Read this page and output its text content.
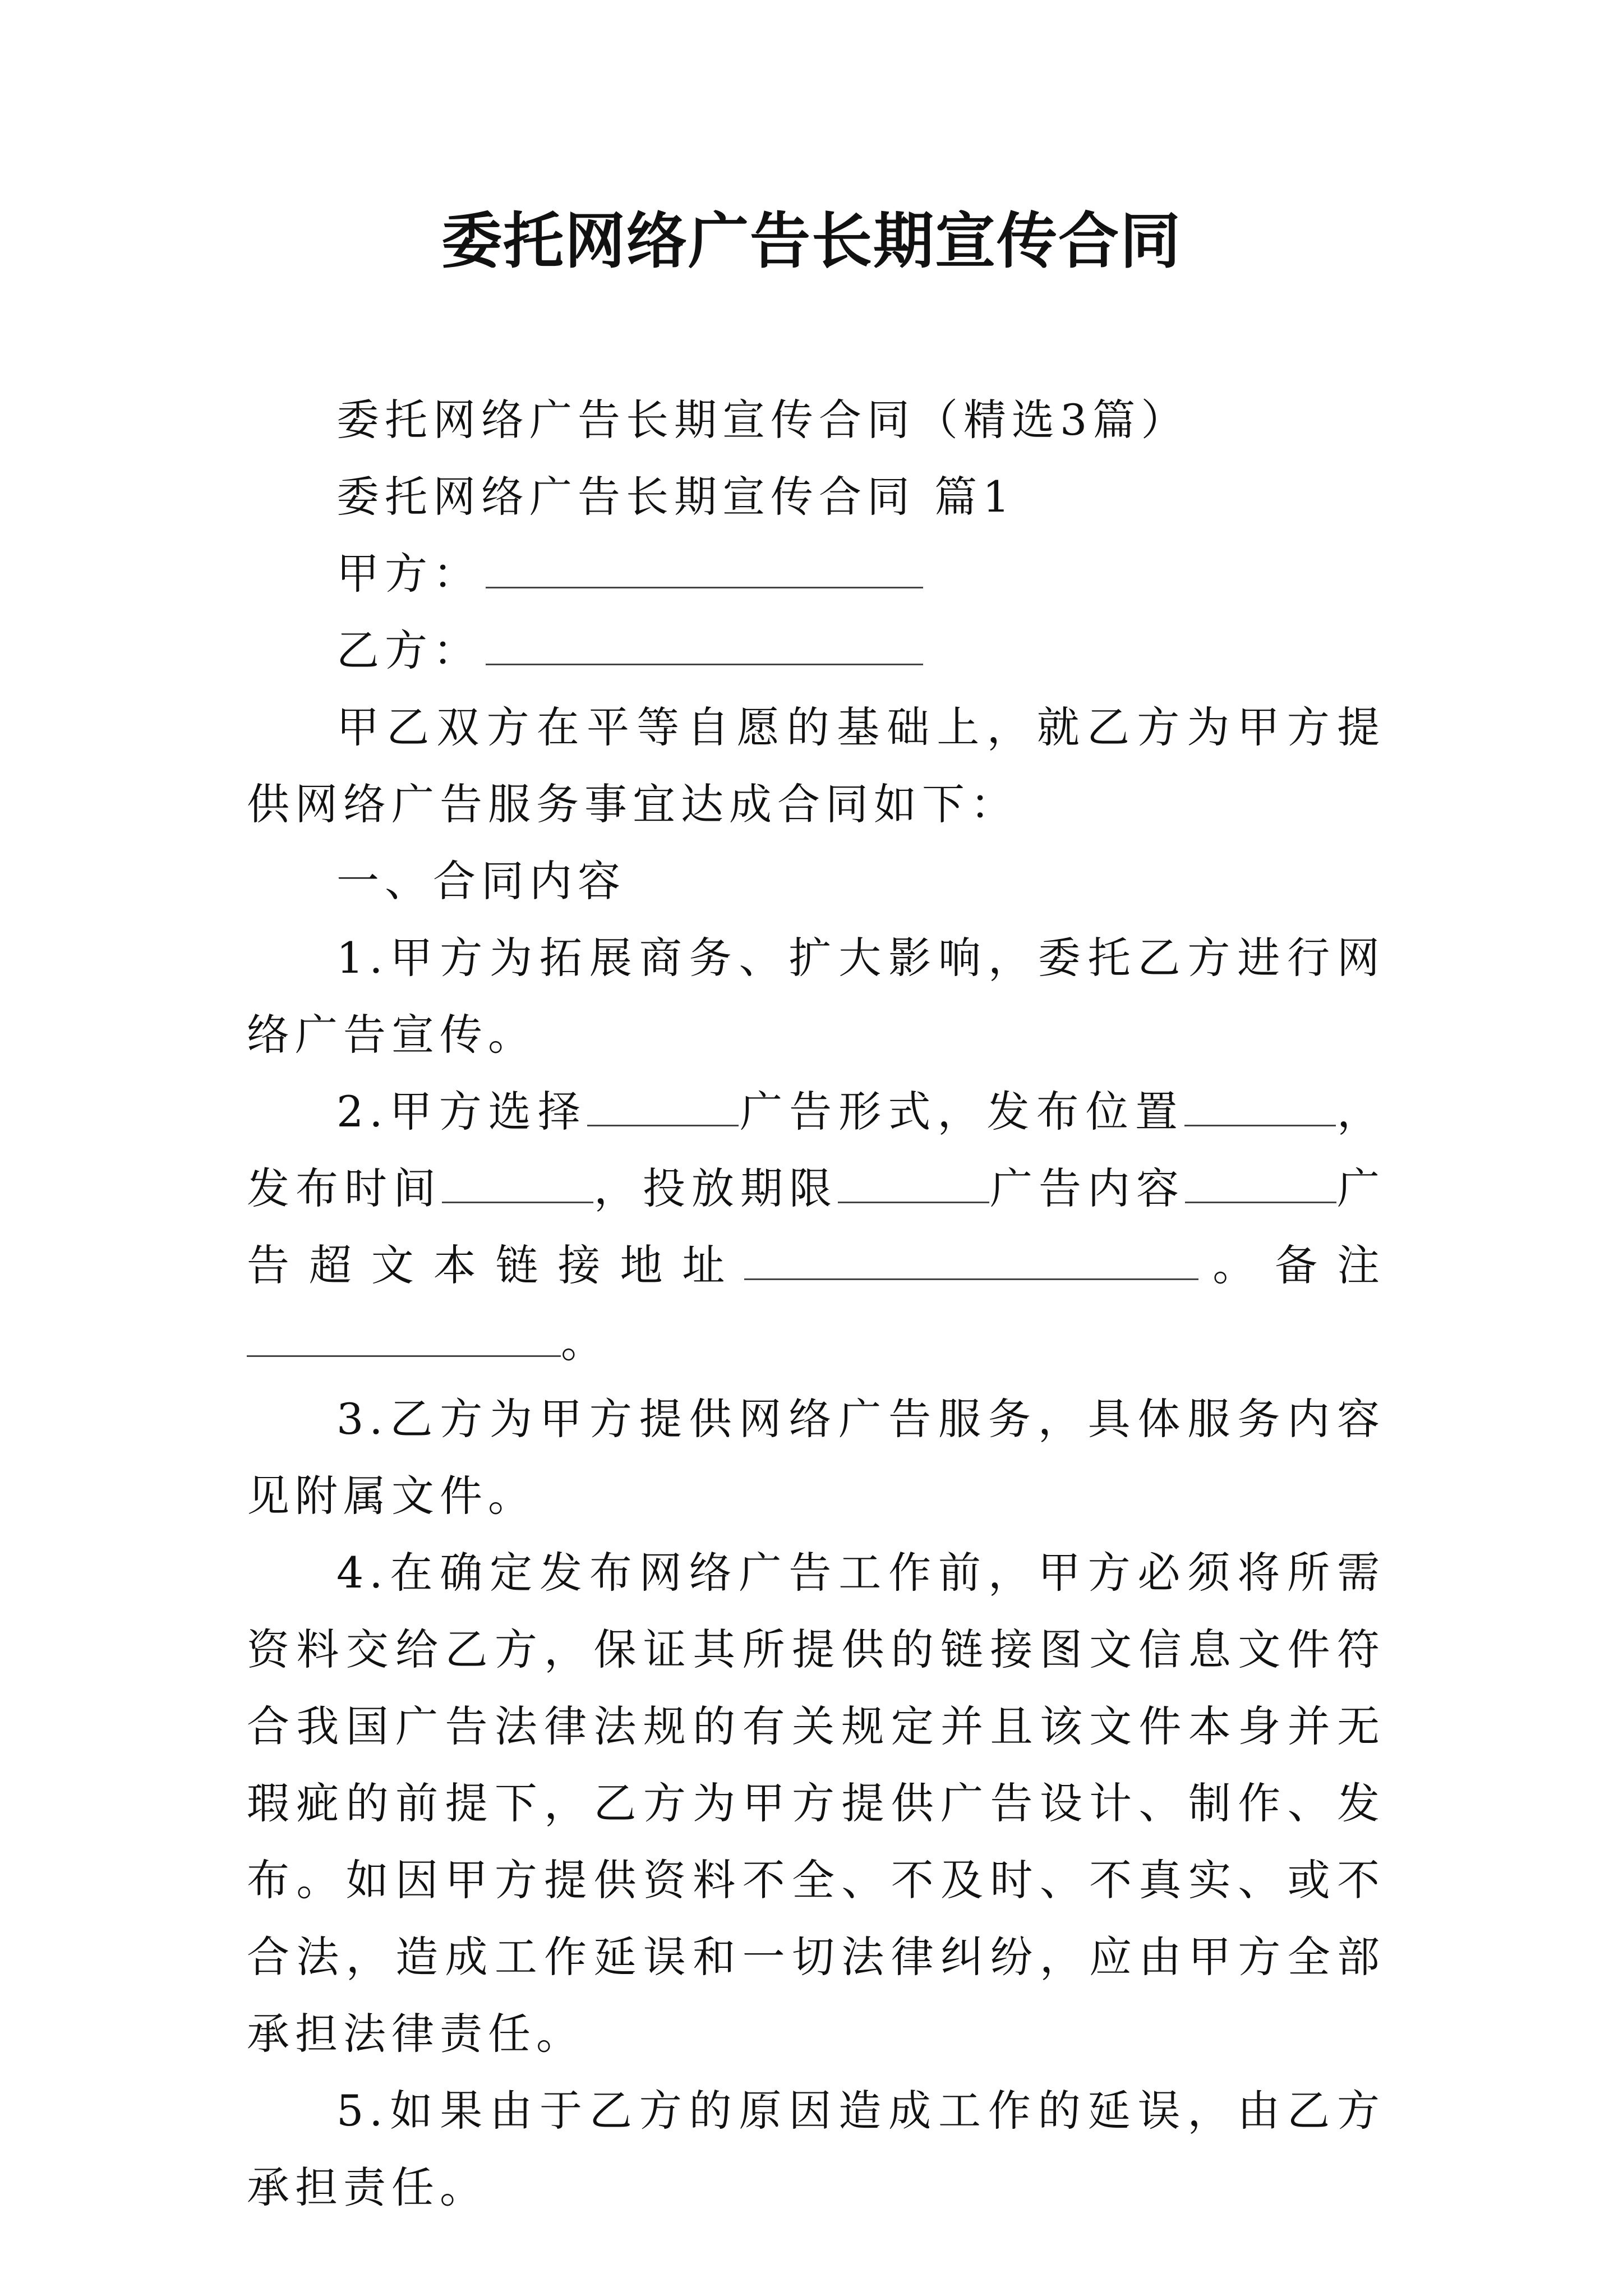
委托网络广告长期宣传合同

委托网络广告长期宣传合同（精选3篇）

委托网络广告长期宣传合同 篇1

甲方：

乙方：

甲乙双方在平等自愿的基础上，就乙方为甲方提供网络广告服务事宜达成合同如下：

一、合同内容

1.甲方为拓展商务、扩大影响，委托乙方进行网络广告宣传。

2.甲方选择	广告形式，发布位置	，发布时间	，投放期限	广告内容	广告超文本链接地址	。备注。

3.乙方为甲方提供网络广告服务，具体服务内容见附属文件。

4.在确定发布网络广告工作前，甲方必须将所需资料交给乙方，保证其所提供的链接图文信息文件符合我国广告法律法规的有关规定并且该文件本身并无瑕疵的前提下，乙方为甲方提供广告设计、制作、发布。如因甲方提供资料不全、不及时、不真实、或不合法，造成工作延误和一切法律纠纷，应由甲方全部承担法律责任。

5.如果由于乙方的原因造成工作的延误，由乙方承担责任。
